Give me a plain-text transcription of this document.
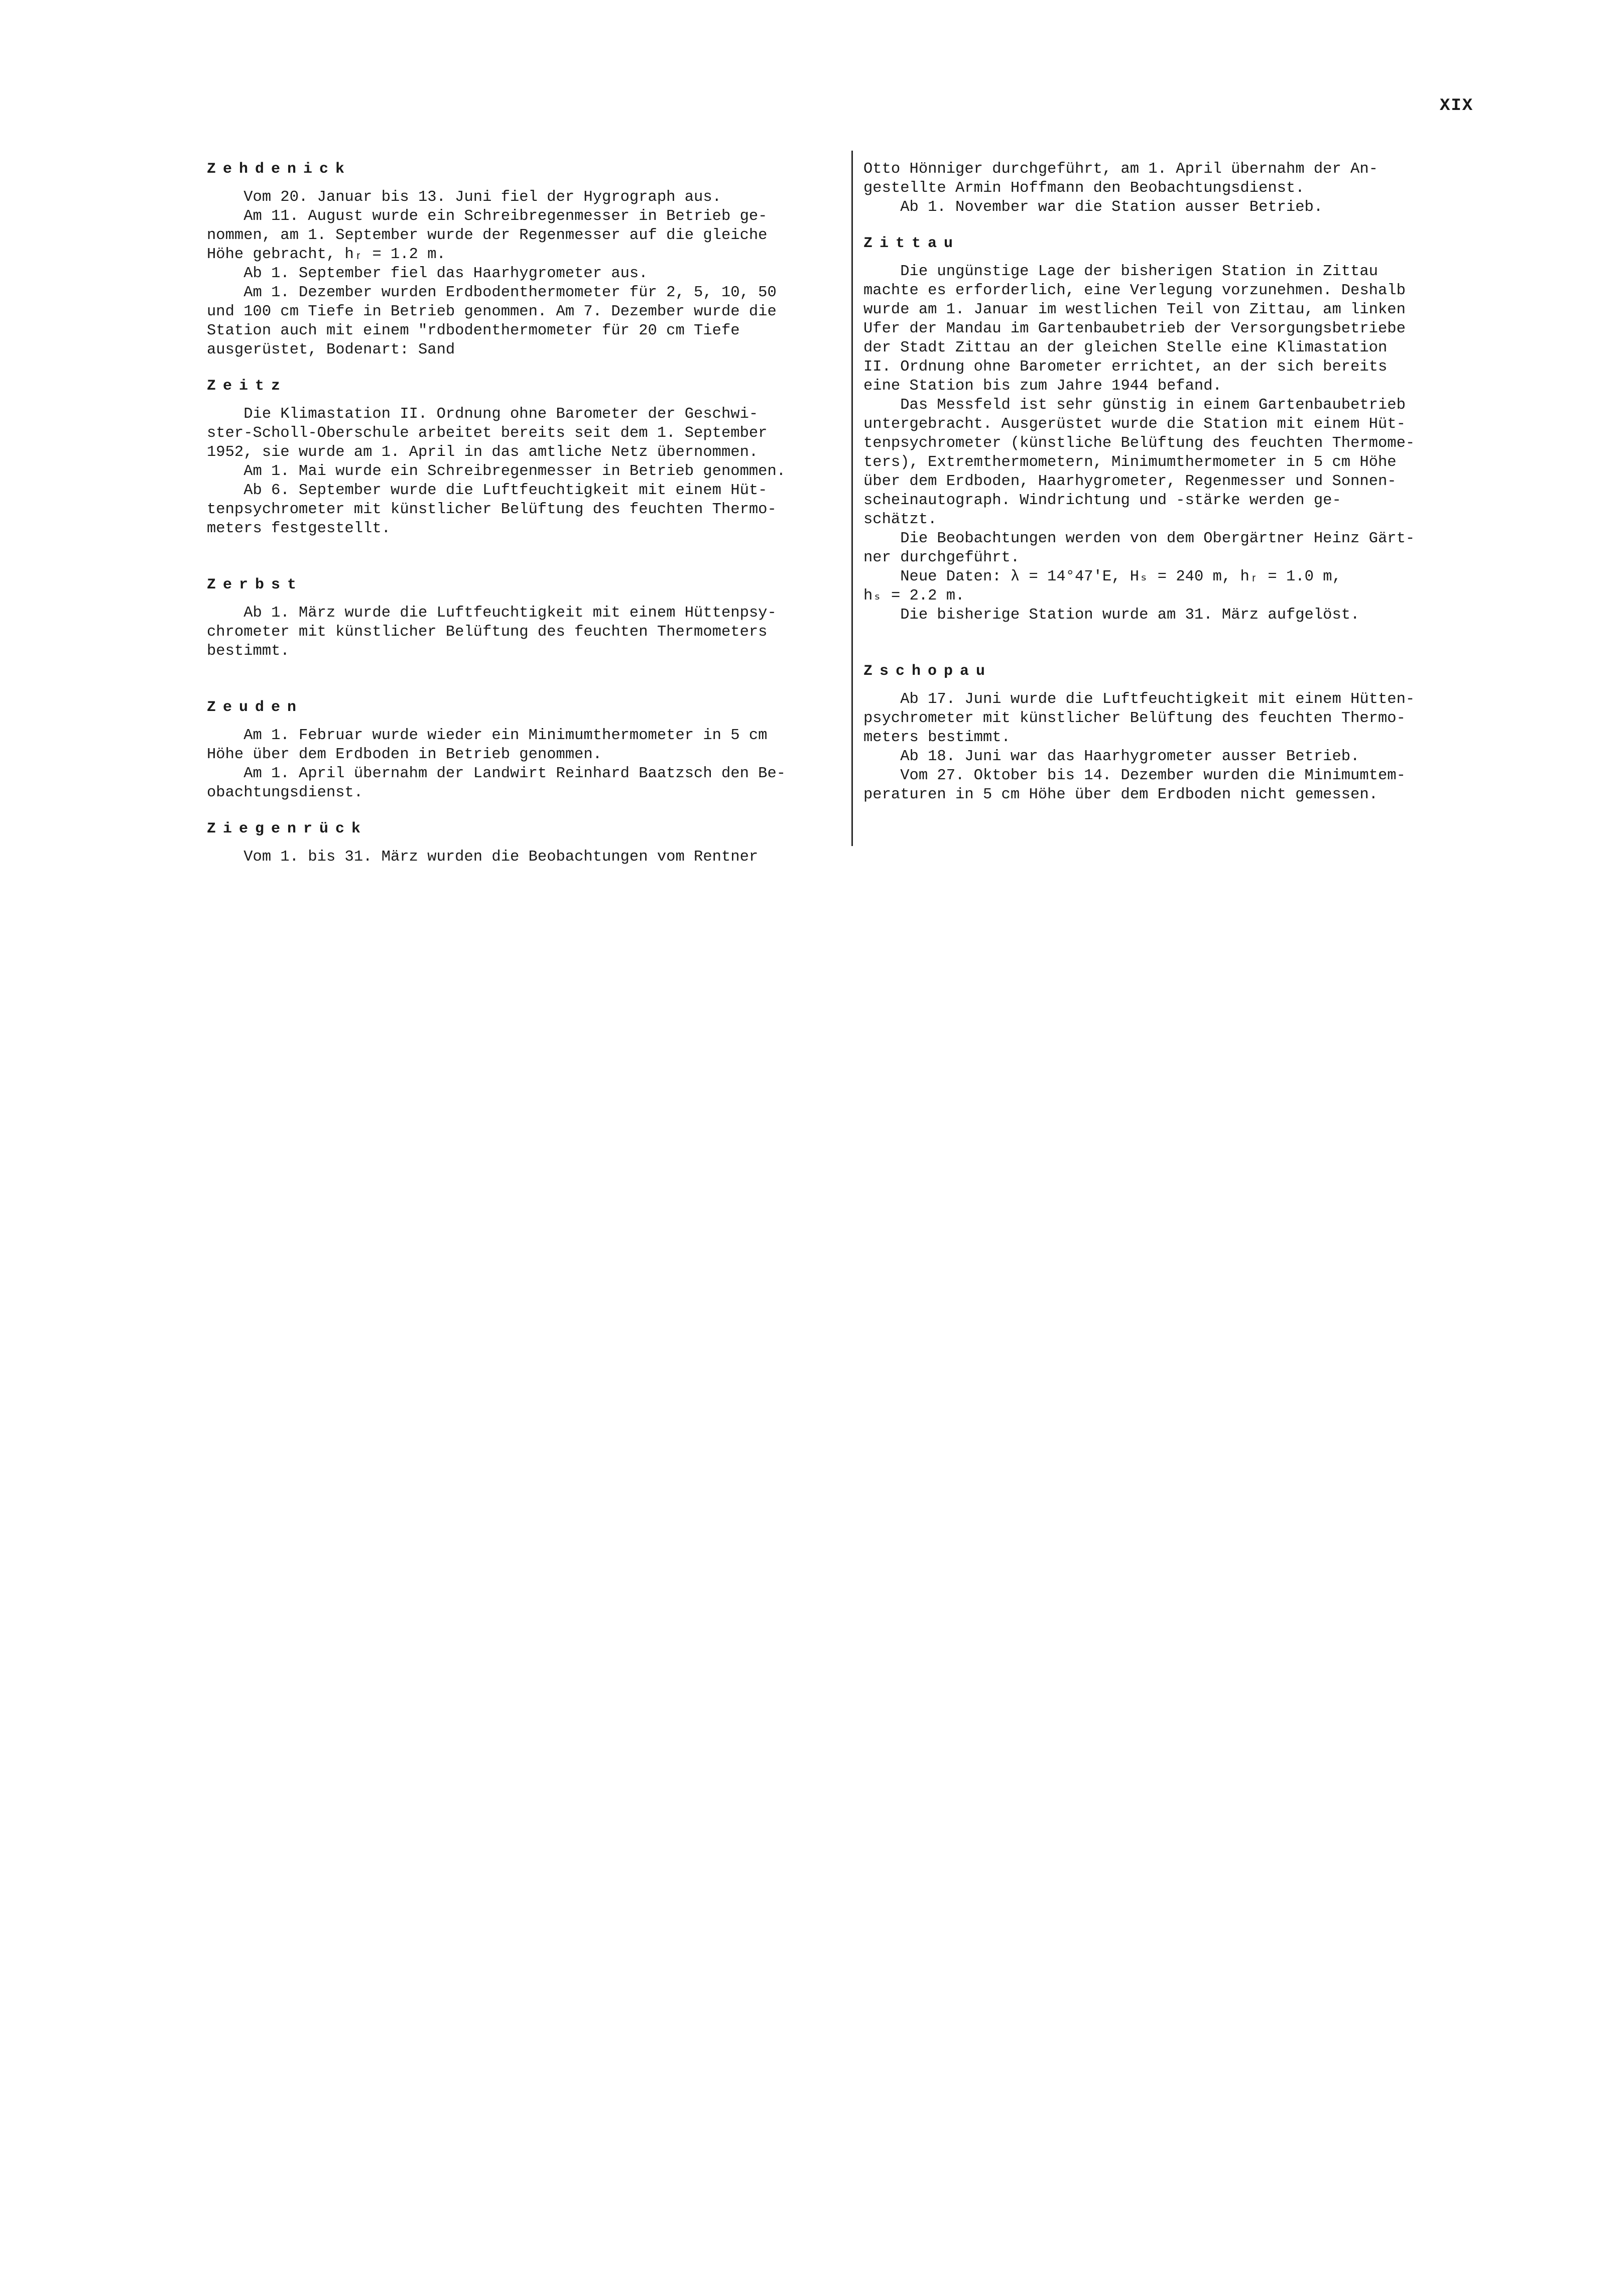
XIX
Zehdenick
Vom 20. Januar bis 13. Juni fiel der Hygrograph aus.
Am 11. August wurde ein Schreibregenmesser in Betrieb ge-
nommen, am 1. September wurde der Regenmesser auf die gleiche
Höhe gebracht, hᵣ = 1.2 m.
Ab 1. September fiel das Haarhygrometer aus.
Am 1. Dezember wurden Erdbodenthermometer für 2, 5, 10, 50
und 100 cm Tiefe in Betrieb genommen. Am 7. Dezember wurde die
Station auch mit einem "rdbodenthermometer für 20 cm Tiefe
ausgerüstet, Bodenart: Sand
Zeitz
Die Klimastation II. Ordnung ohne Barometer der Geschwi-
ster-Scholl-Oberschule arbeitet bereits seit dem 1. September
1952, sie wurde am 1. April in das amtliche Netz übernommen.
Am 1. Mai wurde ein Schreibregenmesser in Betrieb genommen.
Ab 6. September wurde die Luftfeuchtigkeit mit einem Hüt-
tenpsychrometer mit künstlicher Belüftung des feuchten Thermo-
meters festgestellt.
Zerbst
Ab 1. März wurde die Luftfeuchtigkeit mit einem Hüttenpsy-
chrometer mit künstlicher Belüftung des feuchten Thermometers
bestimmt.
Zeuden
Am 1. Februar wurde wieder ein Minimumthermometer in 5 cm
Höhe über dem Erdboden in Betrieb genommen.
Am 1. April übernahm der Landwirt Reinhard Baatzsch den Be-
obachtungsdienst.
Ziegenrück
Vom 1. bis 31. März wurden die Beobachtungen vom Rentner
Otto Hönniger durchgeführt, am 1. April übernahm der An-
gestellte Armin Hoffmann den Beobachtungsdienst.
Ab 1. November war die Station ausser Betrieb.
Zittau
Die ungünstige Lage der bisherigen Station in Zittau
machte es erforderlich, eine Verlegung vorzunehmen. Deshalb
wurde am 1. Januar im westlichen Teil von Zittau, am linken
Ufer der Mandau im Gartenbaubetrieb der Versorgungsbetriebe
der Stadt Zittau an der gleichen Stelle eine Klimastation
II. Ordnung ohne Barometer errichtet, an der sich bereits
eine Station bis zum Jahre 1944 befand.
Das Messfeld ist sehr günstig in einem Gartenbaubetrieb
untergebracht. Ausgerüstet wurde die Station mit einem Hüt-
tenpsychrometer (künstliche Belüftung des feuchten Thermome-
ters), Extremthermometern, Minimumthermometer in 5 cm Höhe
über dem Erdboden, Haarhygrometer, Regenmesser und Sonnen-
scheinautograph. Windrichtung und -stärke werden ge-
schätzt.
Die Beobachtungen werden von dem Obergärtner Heinz Gärt-
ner durchgeführt.
Neue Daten: λ = 14°47'E, Hₛ = 240 m, hᵣ = 1.0 m,
hₛ = 2.2 m.
Die bisherige Station wurde am 31. März aufgelöst.
Zschopau
Ab 17. Juni wurde die Luftfeuchtigkeit mit einem Hütten-
psychrometer mit künstlicher Belüftung des feuchten Thermo-
meters bestimmt.
Ab 18. Juni war das Haarhygrometer ausser Betrieb.
Vom 27. Oktober bis 14. Dezember wurden die Minimumtem-
peraturen in 5 cm Höhe über dem Erdboden nicht gemessen.
